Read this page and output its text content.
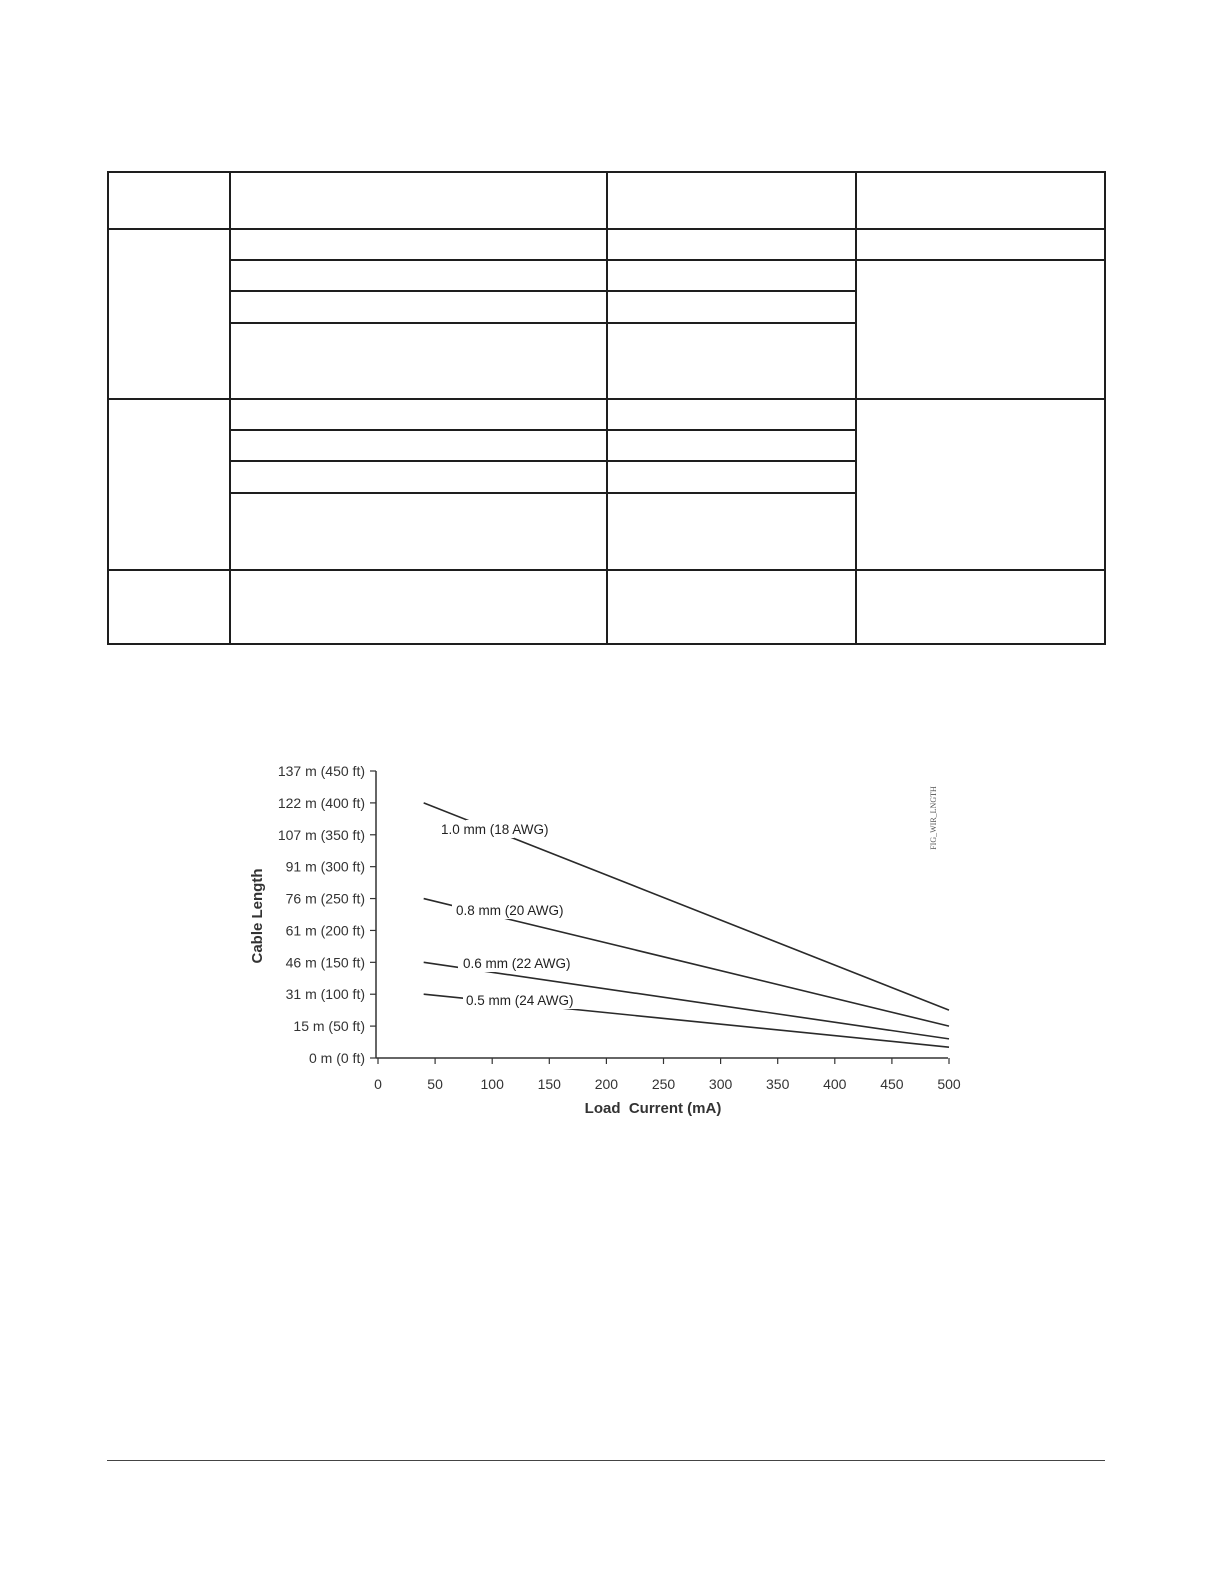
0 m (0 ft)
15 m (50 ft)
31 m (100 ft)
46 m (150 ft)
61 m (200 ft)
76 m (250 ft)
91 m (300 ft)
107 m (350 ft)
122 m (400 ft)
137 m (450 ft)
0	50	100 150 200 250 300 350 400 450 500
1.0 mm (18 AWG)
0.8 mm (20 AWG)
0.6 mm (22 AWG)
0.5 mm (24 AWG)
Cable Length
Load  Current (mA)
FIG_WIR_LNGTH
